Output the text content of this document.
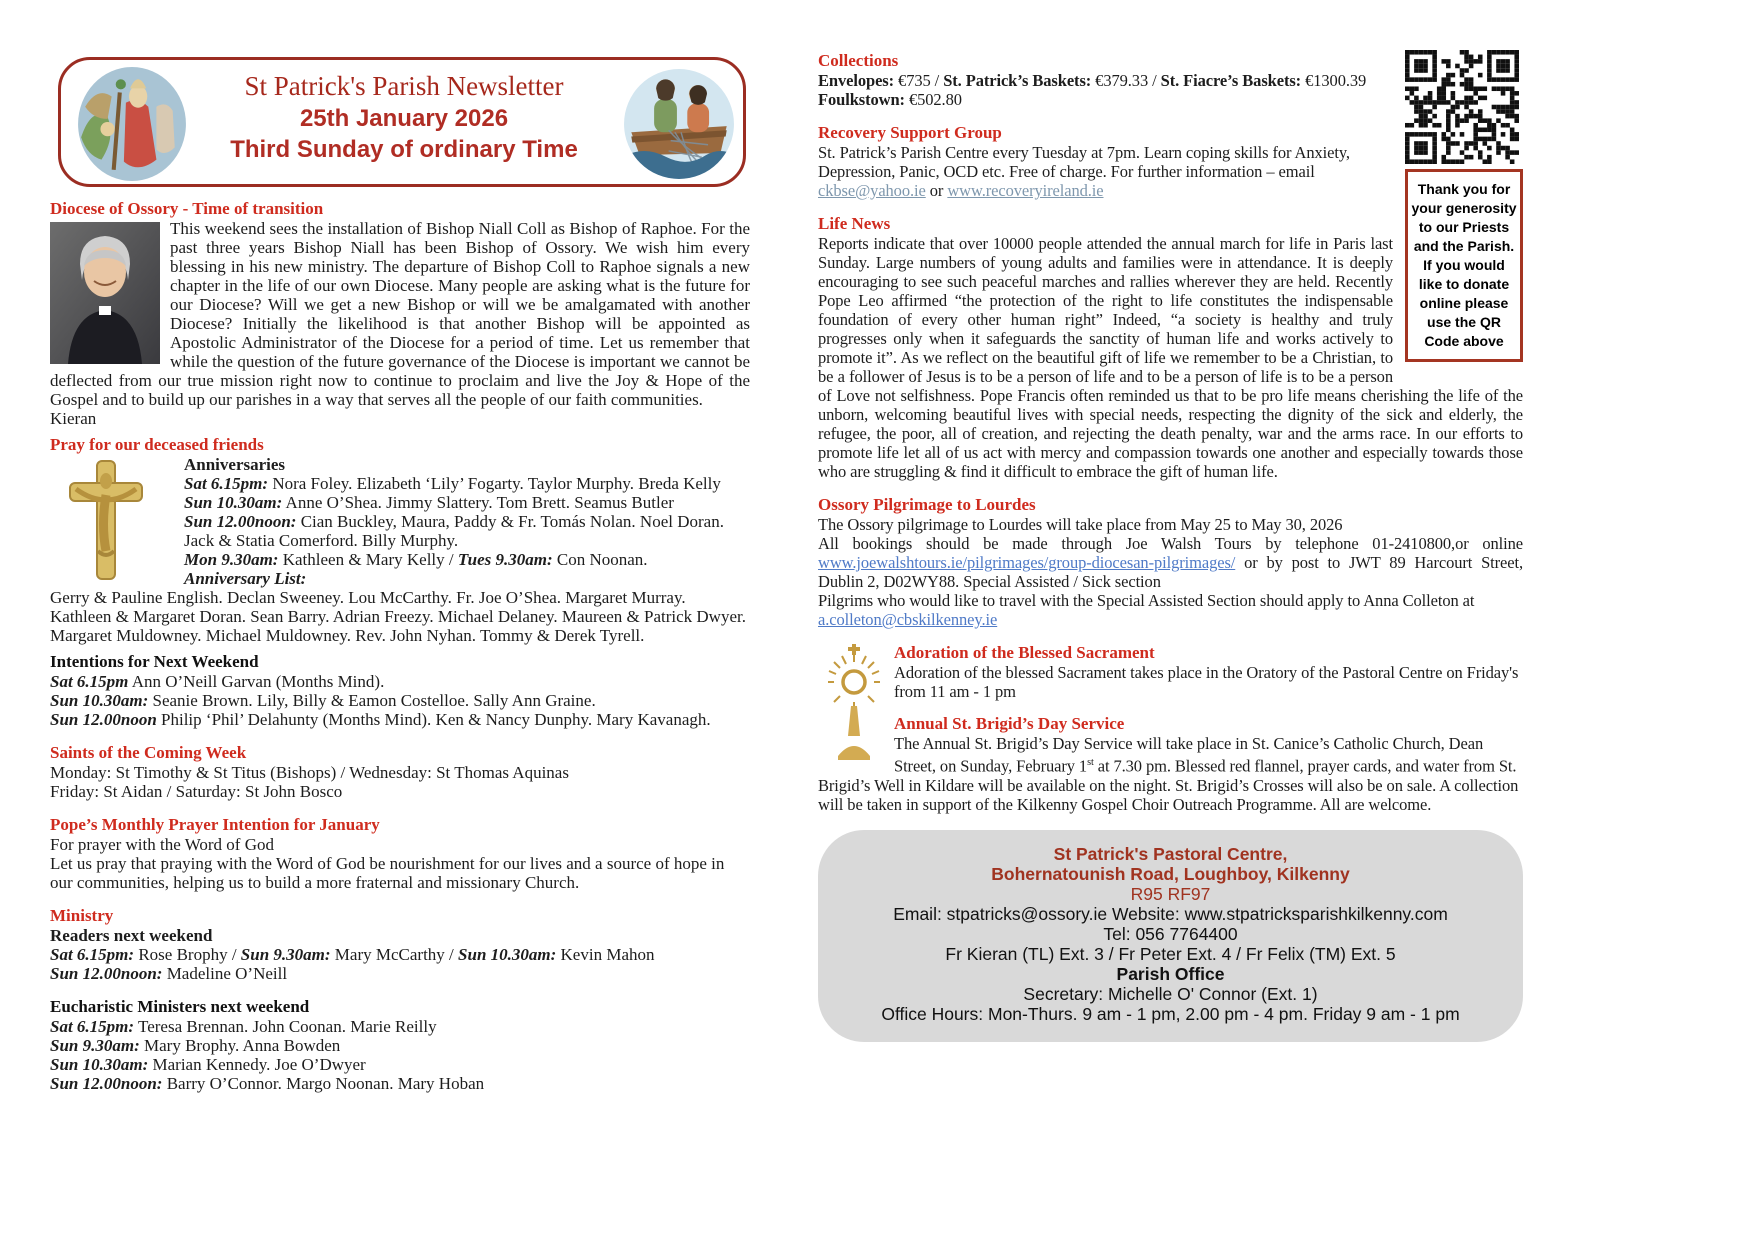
St Patrick's Parish Newsletter
25th January 2026
Third Sunday of ordinary Time
Diocese of Ossory - Time of transition

This weekend sees the installation of Bishop Niall Coll as Bishop of Raphoe. For the past three years Bishop Niall has been Bishop of Ossory. We wish him every blessing in his new ministry. The departure of Bishop Coll to Raphoe signals a new chapter in the life of our own Diocese. Many people are asking what is the future for our Diocese? Will we get a new Bishop or will we be amalgamated with another Diocese? Initially the likelihood is that another Bishop will be appointed as Apostolic Administrator of the Diocese for a period of time. Let us remember that while the question of the future governance of the Diocese is important we cannot be deflected from our true mission right now to continue to proclaim and live the Joy & Hope of the Gospel and to build up our parishes in a way that serves all the people of our faith communities.

Kieran
Pray for our deceased friends
Anniversaries
Sat 6.15pm: Nora Foley. Elizabeth ‘Lily’ Fogarty. Taylor Murphy. Breda Kelly
Sun 10.30am: Anne O’Shea. Jimmy Slattery. Tom Brett. Seamus Butler
Sun 12.00noon: Cian Buckley, Maura, Paddy & Fr. Tomás Nolan. Noel Doran. Jack & Statia Comerford. Billy Murphy.
Mon 9.30am: Kathleen & Mary Kelly / Tues 9.30am: Con Noonan.
Anniversary List:
Gerry & Pauline English. Declan Sweeney. Lou McCarthy. Fr. Joe O’Shea. Margaret Murray. Kathleen & Margaret Doran. Sean Barry. Adrian Freezy. Michael Delaney. Maureen & Patrick Dwyer. Margaret Muldowney. Michael Muldowney. Rev. John Nyhan. Tommy & Derek Tyrell.
Intentions for Next Weekend
Sat 6.15pm Ann O’Neill Garvan (Months Mind).
Sun 10.30am: Seanie Brown. Lily, Billy & Eamon Costelloe. Sally Ann Graine.
Sun 12.00noon Philip ‘Phil’ Delahunty (Months Mind). Ken & Nancy Dunphy. Mary Kavanagh.
Saints of the Coming Week
Monday: St Timothy & St Titus (Bishops) / Wednesday: St Thomas Aquinas
Friday: St Aidan / Saturday: St John Bosco
Pope’s Monthly Prayer Intention for January
For prayer with the Word of God

Let us pray that praying with the Word of God be nourishment for our lives and a source of hope in our communities, helping us to build a more fraternal and missionary Church.

Ministry
Readers next weekend
Sat 6.15pm: Rose Brophy / Sun 9.30am: Mary McCarthy / Sun 10.30am: Kevin Mahon
Sun 12.00noon: Madeline O’Neill
Eucharistic Ministers next weekend
Sat 6.15pm: Teresa Brennan. John Coonan. Marie Reilly
Sun 9.30am: Mary Brophy. Anna Bowden
Sun 10.30am: Marian Kennedy. Joe O’Dwyer
Sun 12.00noon: Barry O’Connor. Margo Noonan. Mary Hoban
Thank you for your generosity to our Priests and the Parish. If you would like to donate online please use the QR Code above
Collections
Envelopes: €735 / St. Patrick’s Baskets: €379.33 / St. Fiacre’s Baskets: €1300.39
Foulkstown: €502.80
Recovery Support Group
St. Patrick’s Parish Centre every Tuesday at 7pm. Learn coping skills for Anxiety, Depression, Panic, OCD etc. Free of charge. For further information – email ckbse@yahoo.ie or www.recoveryireland.ie
Life News

Reports indicate that over 10000 people attended the annual march for life in Paris last Sunday. Large numbers of young adults and families were in attendance. It is deeply encouraging to see such peaceful marches and rallies wherever they are held. Recently Pope Leo affirmed “the protection of the right to life constitutes the indispensable foundation of every other human right” Indeed, “a society is healthy and truly progresses only when it safeguards the sanctity of human life and works actively to promote it”. As we reflect on the beautiful gift of life we remember to be a Christian, to be a follower of Jesus is to be a person of life and to be a person of life is to be a person of Love not selfishness. Pope Francis often reminded us that to be pro life means cherishing the life of the unborn, welcoming beautiful lives with special needs, respecting the dignity of the sick and elderly, the refugee, the poor, all of creation, and rejecting the death penalty, war and the arms race. In our efforts to promote life let all of us act with mercy and compassion towards one another and especially towards those who are struggling & find it difficult to embrace the gift of human life.

Ossory Pilgrimage to Lourdes
The Ossory pilgrimage to Lourdes will take place from May 25 to May 30, 2026
All bookings should be made through Joe Walsh Tours by telephone 01-2410800,or online www.joewalshtours.ie/pilgrimages/group-diocesan-pilgrimages/ or by post to JWT 89 Harcourt Street, Dublin 2, D02WY88. Special Assisted / Sick section
Pilgrims who would like to travel with the Special Assisted Section should apply to Anna Colleton at a.colleton@cbskilkenney.ie
Adoration of the Blessed Sacrament

Adoration of the blessed Sacrament takes place in the Oratory of the Pastoral Centre on Friday's from 11 am - 1 pm

Annual St. Brigid’s Day Service
The Annual St. Brigid’s Day Service will take place in St. Canice’s Catholic Church, Dean Street, on Sunday, February 1st at 7.30 pm. Blessed red flannel, prayer cards, and water from St. Brigid’s Well in Kildare will be available on the night. St. Brigid’s Crosses will also be on sale. A collection will be taken in support of the Kilkenny Gospel Choir Outreach Programme. All are welcome.
St Patrick's Pastoral Centre,
Bohernatounish Road, Loughboy, Kilkenny
R95 RF97
Email: stpatricks@ossory.ie Website: www.stpatricksparishkilkenny.com
Tel: 056 7764400
Fr Kieran (TL) Ext. 3 / Fr Peter Ext. 4 / Fr Felix (TM) Ext. 5
Parish Office
Secretary: Michelle O' Connor (Ext. 1)
Office Hours: Mon-Thurs. 9 am - 1 pm, 2.00 pm - 4 pm. Friday 9 am - 1 pm
